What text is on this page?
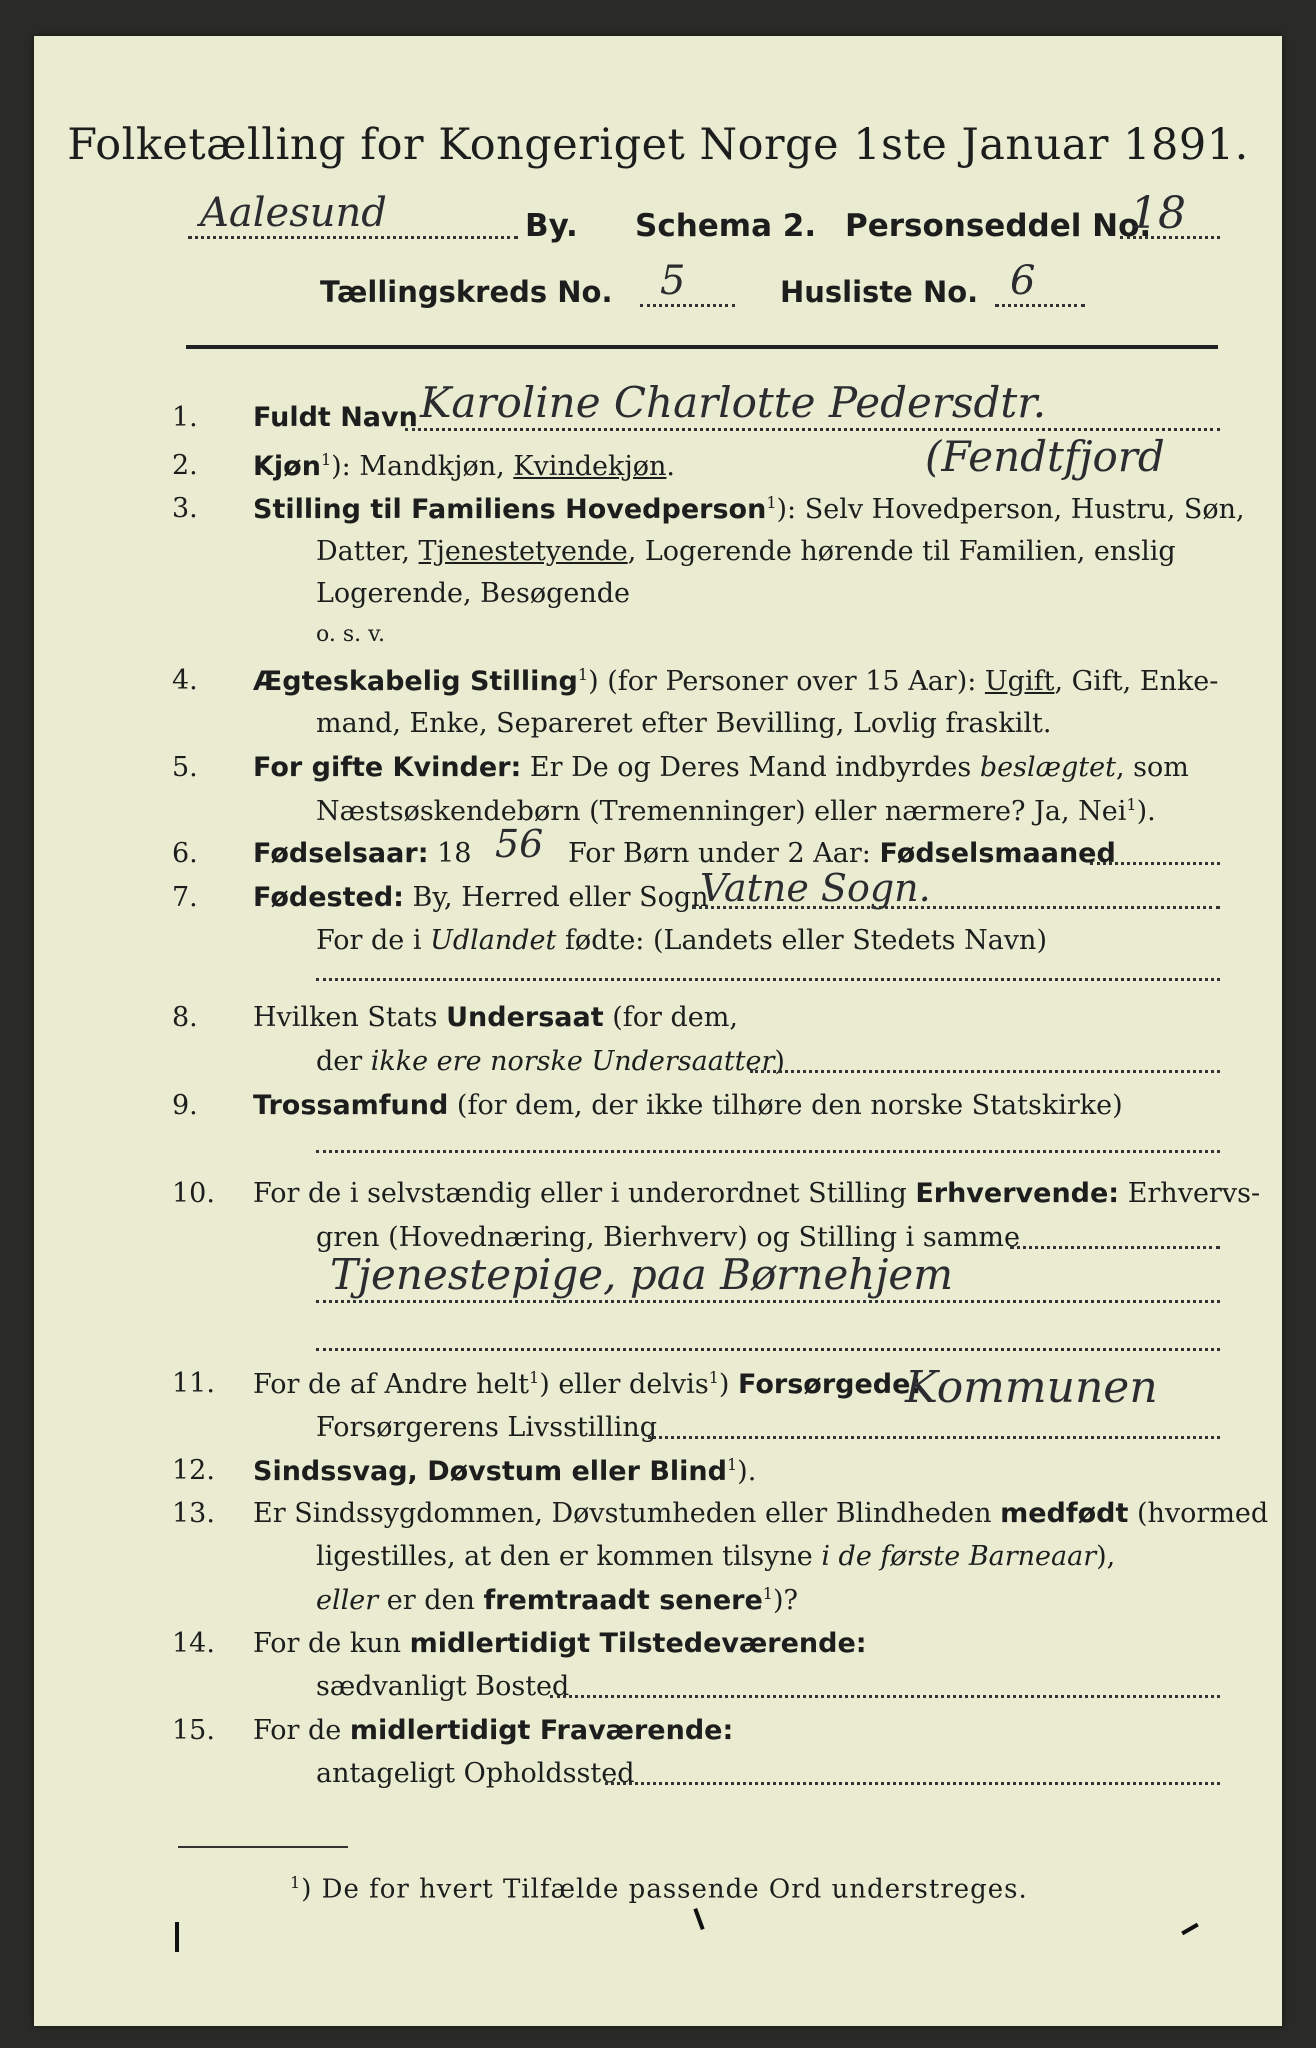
Folketælling for Kongeriget Norge 1ste Januar 1891.
Aalesund	By. Schema 2. Personseddel No.
18
Tællingskreds No. 5	Husliste No. 6
1. Fuldt Navn Karoline Charlotte Pedersdtr.
2. Kjøn$^1$): Mandkjøn, Kvindekjøn.	(Fendtfjord
3. Stilling til Familiens Hovedperson$^1$): Selv Hovedperson, Hustru, Søn,
Datter, Tjenestetyende, Logerende hørende til Familien, enslig
Logerende, Besøgende
o. s. v.
4. Ægteskabelig Stilling$^1$) (for Personer over 15 Aar): Ugift, Gift, Enke-
mand, Enke, Separeret efter Bevilling, Lovlig fraskilt.
5. For gifte Kvinder: Er De og Deres Mand indbyrdes beslægtet, som
Næstsøskendebørn (Tremenninger) eller nærmere? Ja, Nei$^1$).
6. Fødselsaar: 18 56 For Børn under 2 Aar: Fødselsmaaned
7. Fødested: By, Herred eller Sogn
Vatne Sogn.
For de i Udlandet fødte: (Landets eller Stedets Navn)
8. Hvilken Stats Undersaat (for dem,
der ikke ere norske Undersaatter)
9. Trossamfund (for dem, der ikke tilhøre den norske Statskirke)
10. For de i selvstændig eller i underordnet Stilling Erhvervende: Erhvervs-
gren (Hovednæring, Bierhverv) og Stilling i samme
Tjenestepige, paa Børnehjem
11. For de af Andre helt$^1$) eller delvis$^1$) Forsørgede:
Kommunen
Forsørgerens Livsstilling
12. Sindssvag, Døvstum eller Blind$^1$).
13. Er Sindssygdommen, Døvstumheden eller Blindheden medfødt (hvormed
ligestilles, at den er kommen tilsyne i de første Barneaar),
eller er den fremtraadt senere$^1$)?
14. For de kun midlertidigt Tilstedeværende:
sædvanligt Bosted
15. For de midlertidigt Fraværende:
antageligt Opholdssted
$^1$) De for hvert Tilfælde passende Ord understreges.
